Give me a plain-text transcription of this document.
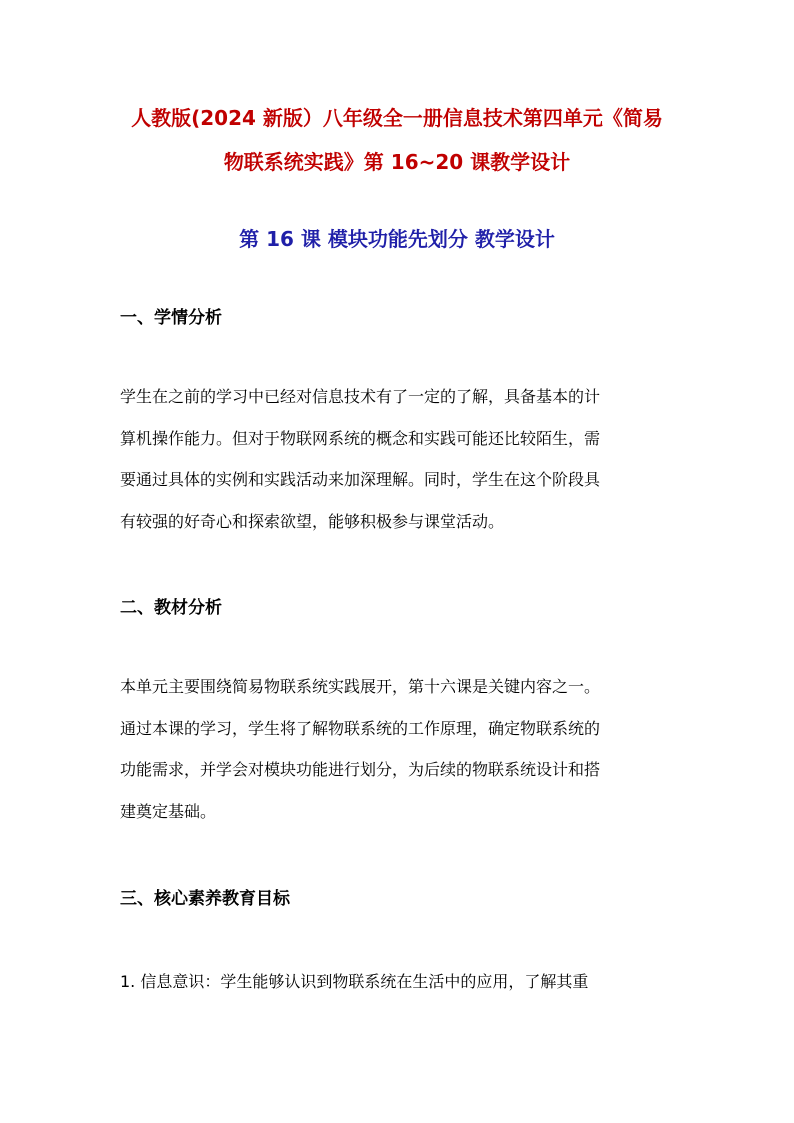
人教版(2024 新版）八年级全一册信息技术第四单元《简易
物联系统实践》第 16~20 课教学设计
第 16 课 模块功能先划分 教学设计
一、学情分析
学生在之前的学习中已经对信息技术有了一定的了解，具备基本的计
算机操作能力。但对于物联网系统的概念和实践可能还比较陌生，需
要通过具体的实例和实践活动来加深理解。同时，学生在这个阶段具
有较强的好奇心和探索欲望，能够积极参与课堂活动。
二、教材分析
本单元主要围绕简易物联系统实践展开，第十六课是关键内容之一。
通过本课的学习，学生将了解物联系统的工作原理，确定物联系统的
功能需求，并学会对模块功能进行划分，为后续的物联系统设计和搭
建奠定基础。
三、核心素养教育目标
1. 信息意识：学生能够认识到物联系统在生活中的应用，了解其重
